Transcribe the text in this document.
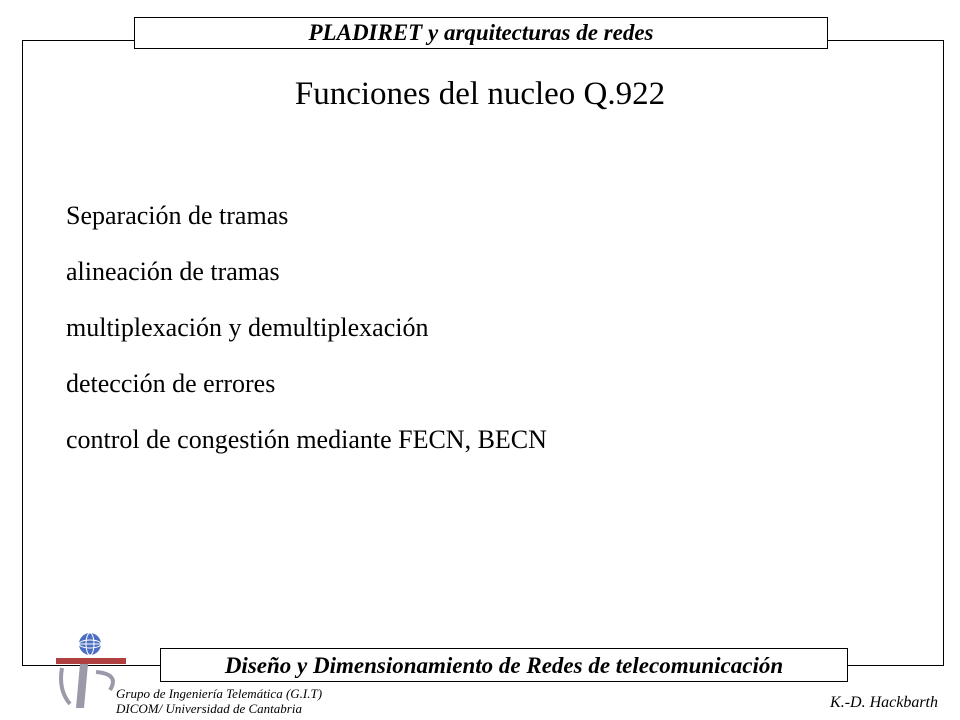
PLADIRET y arquitecturas de redes
Funciones del nucleo Q.922
Separación de tramas
alineación de tramas
multiplexación y demultiplexación
detección de errores
control de congestión mediante FECN, BECN
Diseño y Dimensionamiento de Redes de telecomunicación
Grupo de Ingeniería Telemática (G.I.T)
DICOM/ Universidad de Cantabria	K.-D. Hackbarth
